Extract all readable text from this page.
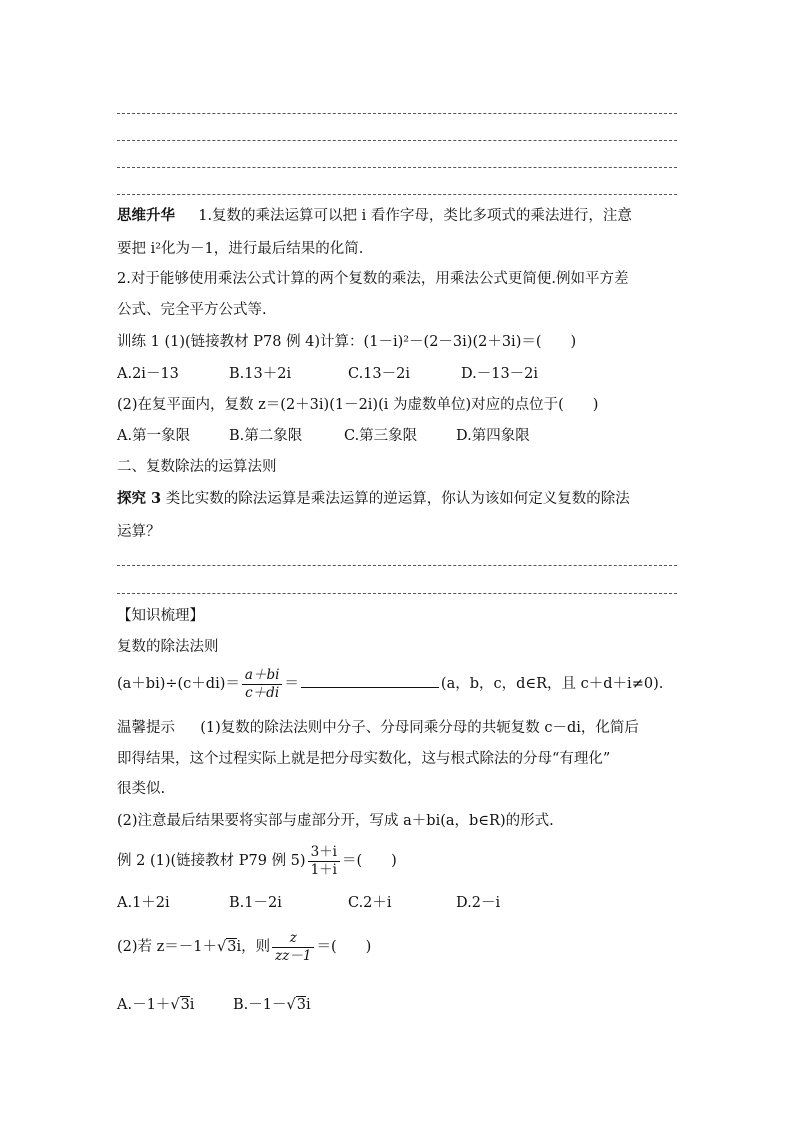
思维升华 1.复数的乘法运算可以把 i 看作字母，类比多项式的乘法进行，注意
要把 i²化为－1，进行最后结果的化简.
2.对于能够使用乘法公式计算的两个复数的乘法，用乘法公式更简便.例如平方差
公式、完全平方公式等.
训练 1 (1)(链接教材 P78 例 4)计算：(1－i)²－(2－3i)(2＋3i)＝(　　)
A.2i－13	B.13＋2i	C.13－2i	D.－13－2i
(2)在复平面内，复数 z＝(2＋3i)(1－2i)(i 为虚数单位)对应的点位于(　　)
A.第一象限	B.第二象限	C.第三象限	D.第四象限
二、复数除法的运算法则
探究 3 类比实数的除法运算是乘法运算的逆运算，你认为该如何定义复数的除法
运算？
【知识梳理】
复数的除法法则
$(a+bi)\div(c+di)= \frac{a+bi}{c+di}$ ＝	(a，b，c，d∈R，且 c＋d＋i≠0).
温馨提示 (1)复数的除法法则中分子、分母同乘分母的共轭复数 c－di，化简后
即得结果，这个过程实际上就是把分母实数化，这与根式除法的分母“有理化”
很类似.
(2)注意最后结果要将实部与虚部分开，写成 a＋bi(a，b∈R)的形式.
例 2 (1)(链接教材 P79 例 $5) \frac{3+i}{1+i}$ ＝(　　)
A.1＋2i	B.1－2i	C.2＋i	D.2－i
(2)若 z＝－1＋√3i，则 $\frac{z}{zz-1}$ ＝(　　)
A.－1＋√3i	B.－1－√3i
